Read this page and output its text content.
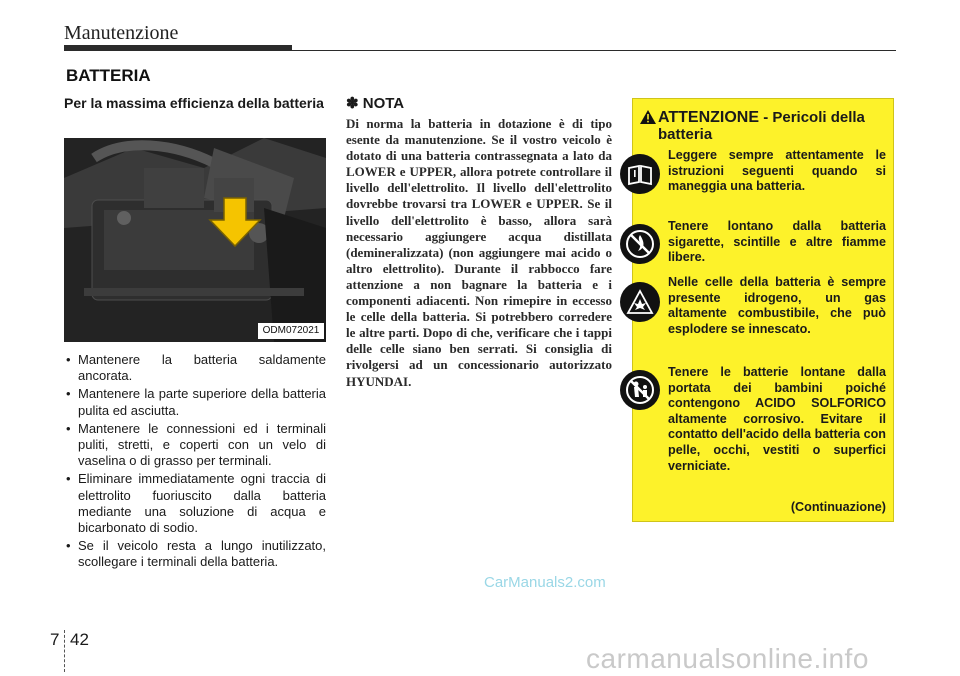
Manutenzione
BATTERIA
Per la massima efficienza della batteria
ODM072021
• Mantenere la batteria saldamente ancorata.
• Mantenere la parte superiore della batteria pulita ed asciutta.
• Mantenere le connessioni ed i terminali puliti, stretti, e coperti con un velo di vaselina o di grasso per terminali.
• Eliminare immediatamente ogni traccia di elettrolito fuoriuscito dalla batteria mediante una soluzione di acqua e bicarbonato di sodio.
• Se il veicolo resta a lungo inutilizzato, scollegare i terminali della batteria.
✽ NOTA

Di norma la batteria in dotazione è di tipo esente da manutenzione. Se il vostro veicolo è dotato di una batteria contrassegnata a lato da LOWER e UPPER, allora potrete controllare il livello dell'elettrolito. Il livello dell'elettrolito dovrebbe trovarsi tra LOWER e UPPER. Se il livello dell'elettrolito è basso, allora sarà necessario aggiungere acqua distillata (demineralizzata) (non aggiungere mai acido o altro elettrolito). Durante il rabbocco fare attenzione a non bagnare la batteria e i componenti adiacenti. Non rimepire in eccesso le celle della batteria. Si potrebbero corredere le altre parti. Dopo di che, verificare che i tappi delle celle siano ben serrati. Si consiglia di rivolgersi ad un concessionario autorizzato HYUNDAI.

ATTENZIONE - Pericoli della batteria
Leggere sempre attentamente le istruzioni seguenti quando si maneggia una batteria.
Tenere lontano dalla batteria sigarette, scintille e altre fiamme libere.
Nelle celle della batteria è sempre presente idrogeno, un gas altamente combustibile, che può esplodere se innescato.
Tenere le batterie lontane dalla portata dei bambini poiché contengono ACIDO SOLFORICO altamente corrosivo. Evitare il contatto dell'acido della batteria con pelle, occhi, vestiti o superfici verniciate.
(Continuazione)
CarManuals2.com
7 42
carmanualsonline.info
